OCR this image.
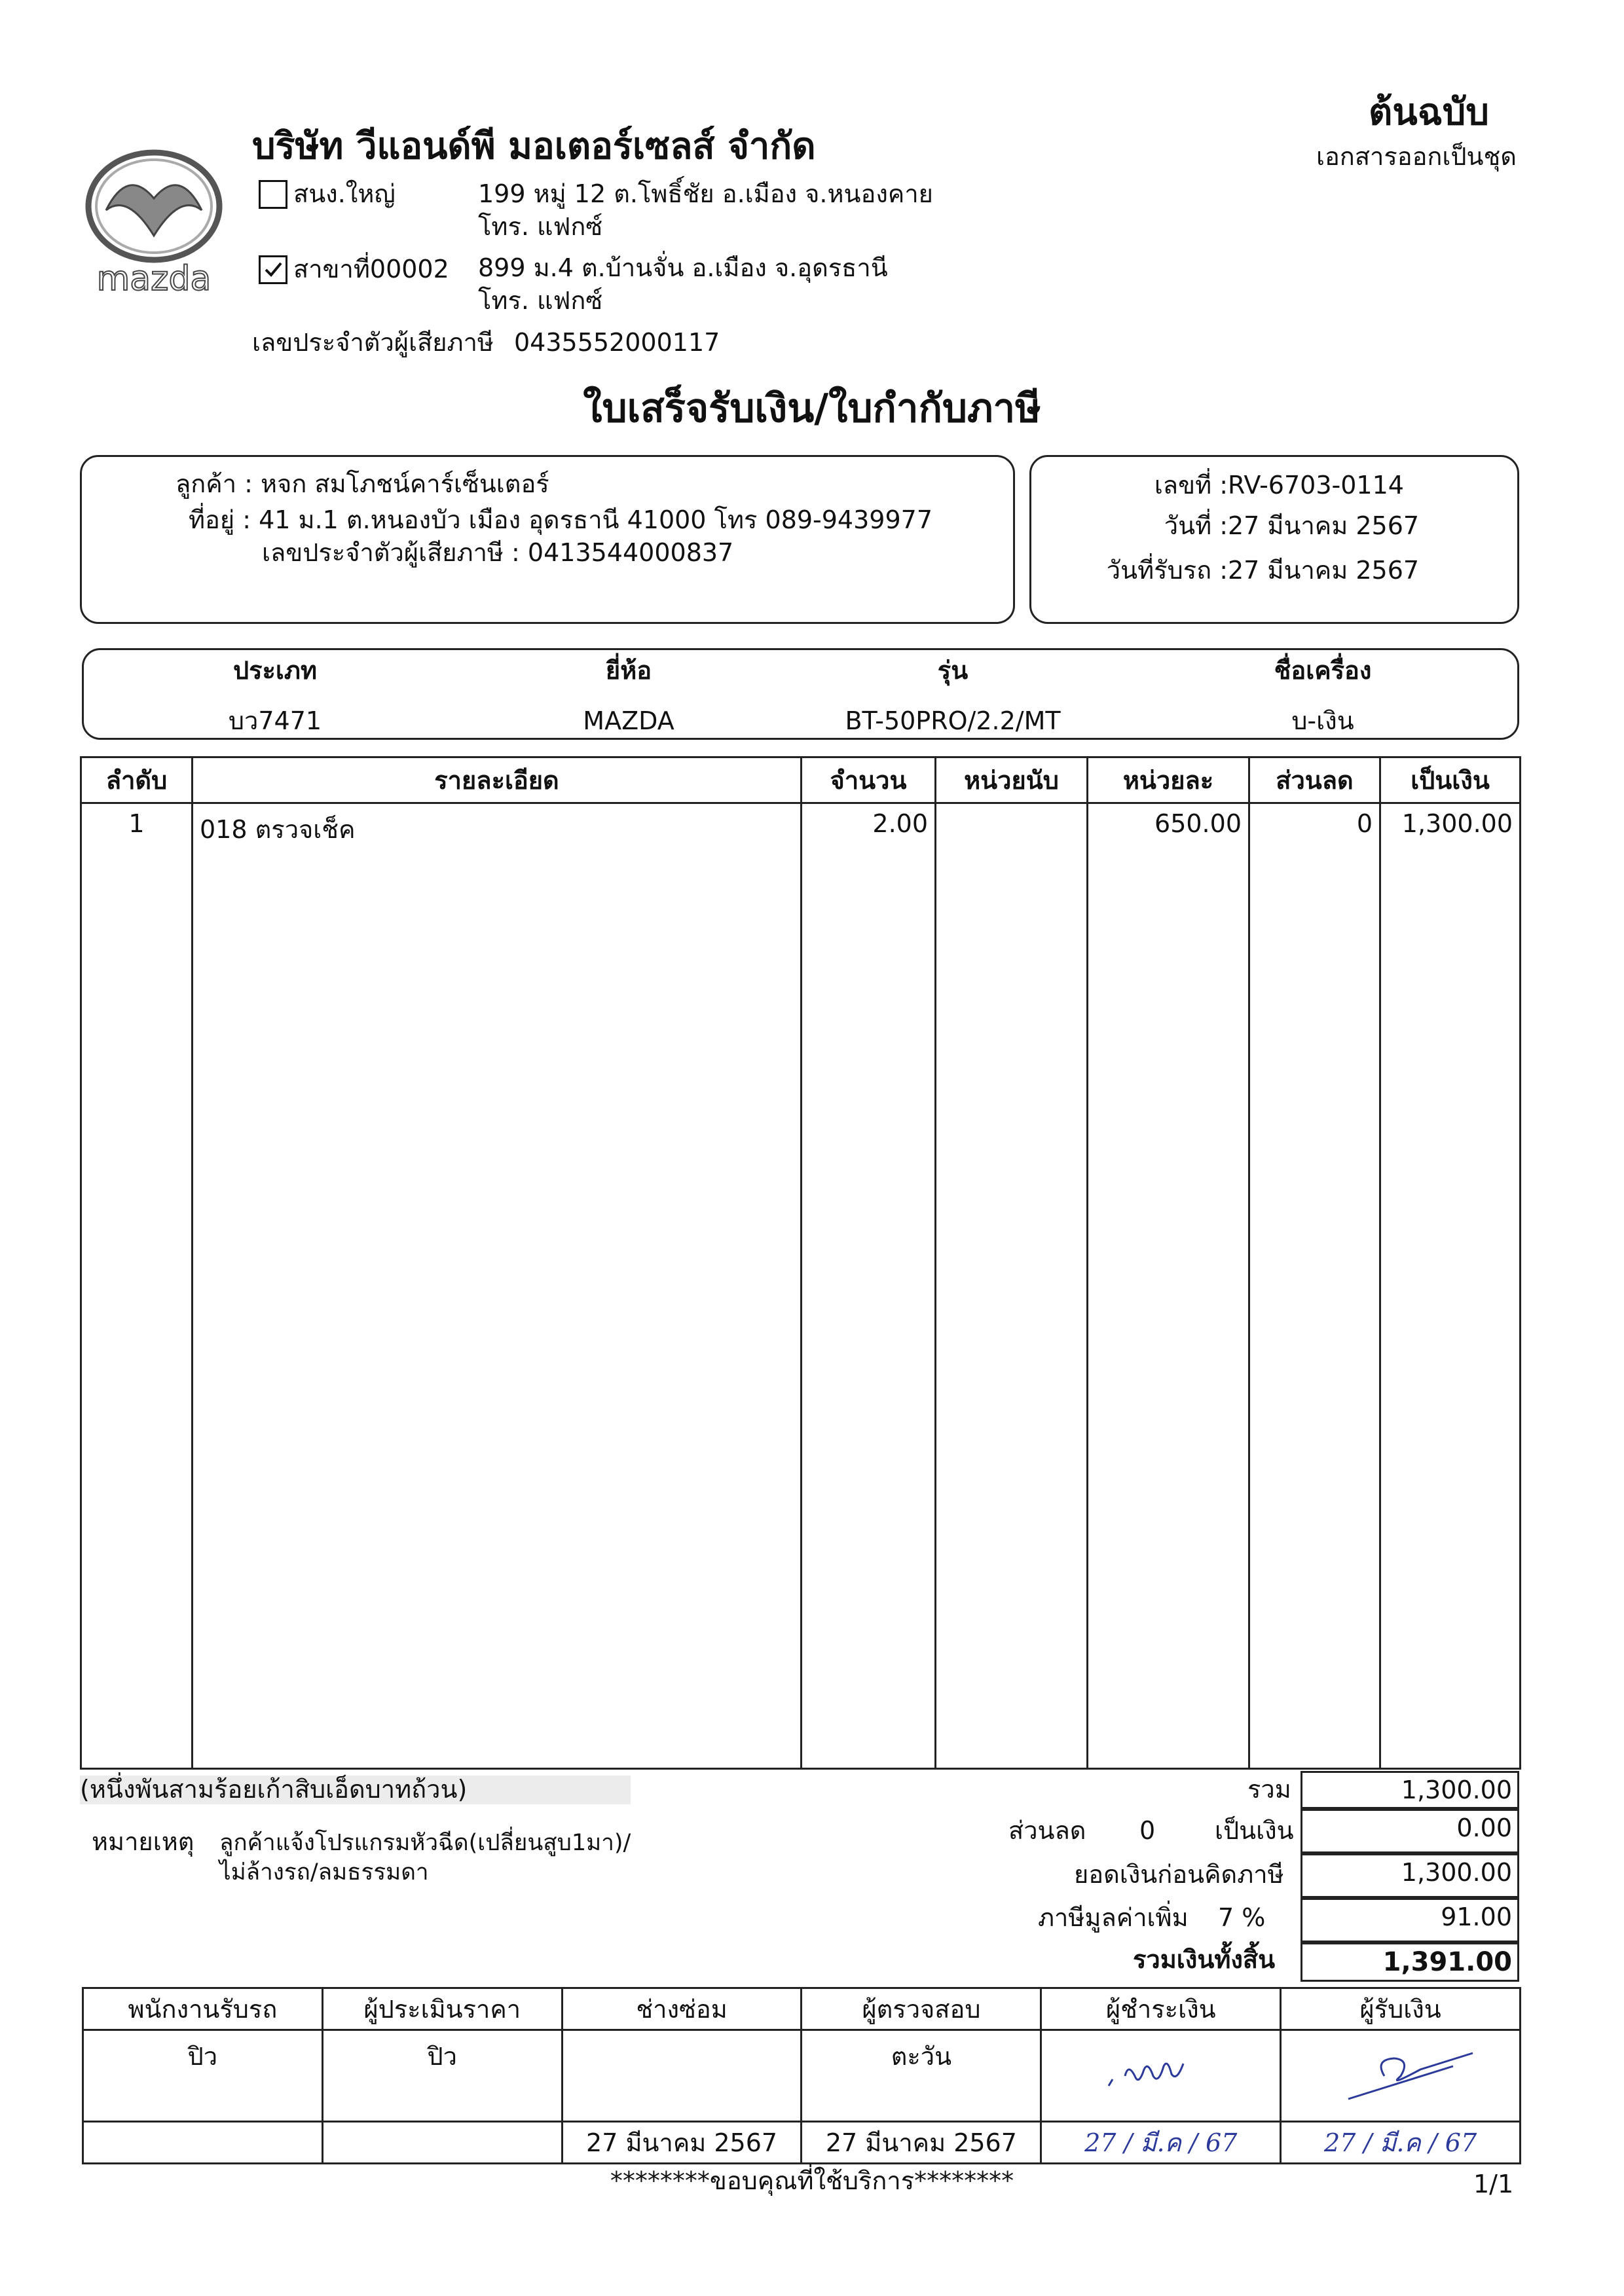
mazda
บริษัท วีแอนด์พี มอเตอร์เซลส์ จำกัด
ต้นฉบับ
เอกสารออกเป็นชุด
สนง.ใหญ่	199 หมู่ 12 ต.โพธิ์ชัย อ.เมือง จ.หนองคาย
โทร. แฟกซ์
สาขาที่00002 899 ม.4 ต.บ้านจั่น อ.เมือง จ.อุดรธานี
โทร. แฟกซ์
เลขประจำตัวผู้เสียภาษี 0435552000117
ใบเสร็จรับเงิน/ใบกำกับภาษี
ลูกค้า : หจก สมโภชน์คาร์เซ็นเตอร์
ที่อยู่ : 41 ม.1 ต.หนองบัว เมือง อุดรธานี 41000 โทร 089-9439977
เลขประจำตัวผู้เสียภาษี : 0413544000837
เลขที่ : RV-6703-0114
วันที่ : 27 มีนาคม 2567
วันที่รับรถ : 27 มีนาคม 2567
ประเภท	ยี่ห้อ	รุ่น	ชื่อเครื่อง
บว7471	MAZDA	BT-50PRO/2.2/MT	บ-เงิน
ลำดับ	รายละเอียด	จำนวน	หน่วยนับ	หน่วยละ	ส่วนลด	เป็นเงิน
1	018 ตรวจเช็ค	2.00		650.00	0	1,300.00
(หนึ่งพันสามร้อยเก้าสิบเอ็ดบาทถ้วน)	รวม	1,300.00
ส่วนลด 0 เป็นเงิน	0.00
ยอดเงินก่อนคิดภาษี	1,300.00
ภาษีมูลค่าเพิ่ม 7 %	91.00
รวมเงินทั้งสิ้น	1,391.00
หมายเหตุ ลูกค้าแจ้งโปรแกรมหัวฉีด(เปลี่ยนสูบ1มา)/
ไม่ล้างรถ/ลมธรรมดา
พนักงานรับรถ	ผู้ประเมินราคา	ช่างซ่อม	ผู้ตรวจสอบ	ผู้ชำระเงิน	ผู้รับเงิน
ปิว	ปิว		ตะวัน		
		27 มีนาคม 2567	27 มีนาคม 2567	27 / มี.ค / 67	27 / มี.ค / 67
********ขอบคุณที่ใช้บริการ********	1/1
